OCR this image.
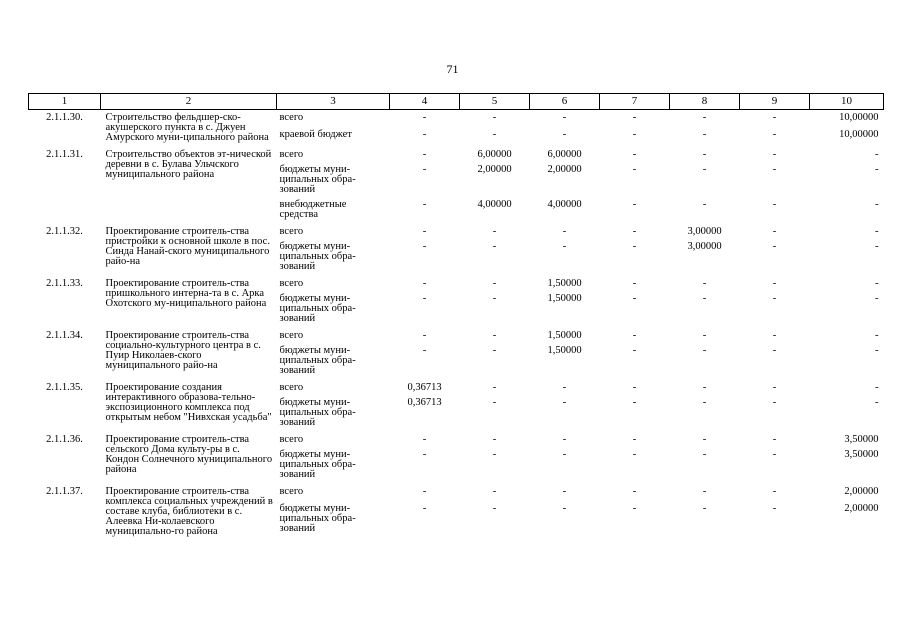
71
1	2	3	4	5	6	7	8	9	10
2.1.1.30.	Строительство фельдшер-ско-акушерского пункта в с. Джуен Амурского муни-ципального района	всего	-	-	-	-	-	-	10,00000
		краевой бюджет	-	-	-	-	-	-	10,00000
2.1.1.31.	Строительство объектов эт-нической деревни в с. Булава Ульчского муниципального района	всего	-	6,00000	6,00000	-	-	-	-
		бюджеты муни-ципальных обра-зований	-	2,00000	2,00000	-	-	-	-
		внебюджетные средства	-	4,00000	4,00000	-	-	-	-
2.1.1.32.	Проектирование строитель-ства пристройки к основной школе в пос. Синда Нанай-ского муниципального райо-на	всего	-	-	-	-	3,00000	-	-
		бюджеты муни-ципальных обра-зований	-	-	-	-	3,00000	-	-
2.1.1.33.	Проектирование строитель-ства пришкольного интерна-та в с. Арка Охотского му-ниципального района	всего	-	-	1,50000	-	-	-	-
		бюджеты муни-ципальных обра-зований	-	-	1,50000	-	-	-	-
2.1.1.34.	Проектирование строитель-ства социально-культурного центра в с. Пуир Николаев-ского муниципального райо-на	всего	-	-	1,50000	-	-	-	-
		бюджеты муни-ципальных обра-зований	-	-	1,50000	-	-	-	-
2.1.1.35.	Проектирование создания интерактивного образова-тельно-экспозиционного комплекса под открытым небом "Нивхская усадьба"	всего	0,36713	-	-	-	-	-	-
		бюджеты муни-ципальных обра-зований	0,36713	-	-	-	-	-	-
2.1.1.36.	Проектирование строитель-ства сельского Дома культу-ры в с. Кондон Солнечного муниципального района	всего	-	-	-	-	-	-	3,50000
		бюджеты муни-ципальных обра-зований	-	-	-	-	-	-	3,50000
2.1.1.37.	Проектирование строитель-ства комплекса социальных учреждений в составе клуба, библиотеки в с. Алеевка Ни-колаевского муниципально-го района	всего	-	-	-	-	-	-	2,00000
		бюджеты муни-ципальных обра-зований	-	-	-	-	-	-	2,00000
